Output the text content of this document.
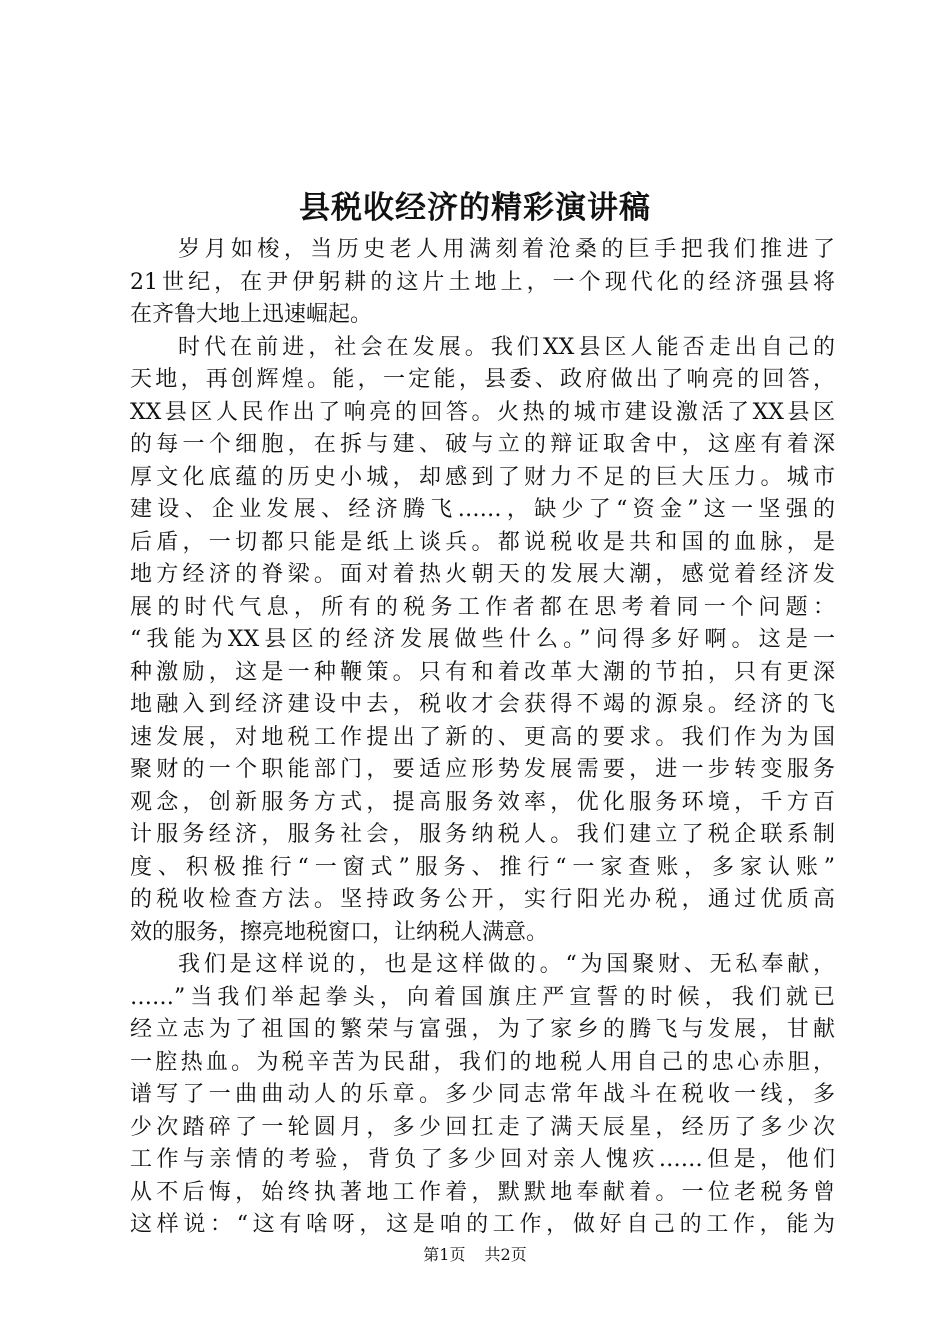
县税收经济的精彩演讲稿
岁月如梭，当历史老人用满刻着沧桑的巨手把我们推进了
21世纪，在尹伊躬耕的这片土地上，一个现代化的经济强县将
在齐鲁大地上迅速崛起。
时代在前进，社会在发展。我们XX县区人能否走出自己的
天地，再创辉煌。能，一定能，县委、政府做出了响亮的回答，
XX县区人民作出了响亮的回答。火热的城市建设激活了XX县区
的每一个细胞，在拆与建、破与立的辩证取舍中，这座有着深
厚文化底蕴的历史小城，却感到了财力不足的巨大压力。城市
建设、企业发展、经济腾飞……，缺少了“资金”这一坚强的
后盾，一切都只能是纸上谈兵。都说税收是共和国的血脉，是
地方经济的脊梁。面对着热火朝天的发展大潮，感觉着经济发
展的时代气息，所有的税务工作者都在思考着同一个问题：
“我能为XX县区的经济发展做些什么。”问得多好啊。这是一
种激励，这是一种鞭策。只有和着改革大潮的节拍，只有更深
地融入到经济建设中去，税收才会获得不竭的源泉。经济的飞
速发展，对地税工作提出了新的、更高的要求。我们作为为国
聚财的一个职能部门，要适应形势发展需要，进一步转变服务
观念，创新服务方式，提高服务效率，优化服务环境，千方百
计服务经济，服务社会，服务纳税人。我们建立了税企联系制
度、积极推行“一窗式”服务、推行“一家查账，多家认账”
的税收检查方法。坚持政务公开，实行阳光办税，通过优质高
效的服务，擦亮地税窗口，让纳税人满意。
我们是这样说的，也是这样做的。“为国聚财、无私奉献，
……”当我们举起拳头，向着国旗庄严宣誓的时候，我们就已
经立志为了祖国的繁荣与富强，为了家乡的腾飞与发展，甘献
一腔热血。为税辛苦为民甜，我们的地税人用自己的忠心赤胆，
谱写了一曲曲动人的乐章。多少同志常年战斗在税收一线，多
少次踏碎了一轮圆月，多少回扛走了满天辰星，经历了多少次
工作与亲情的考验，背负了多少回对亲人愧疚……但是，他们
从不后悔，始终执著地工作着，默默地奉献着。一位老税务曾
这样说：“这有啥呀，这是咱的工作，做好自己的工作，能为
第1页 共2页
